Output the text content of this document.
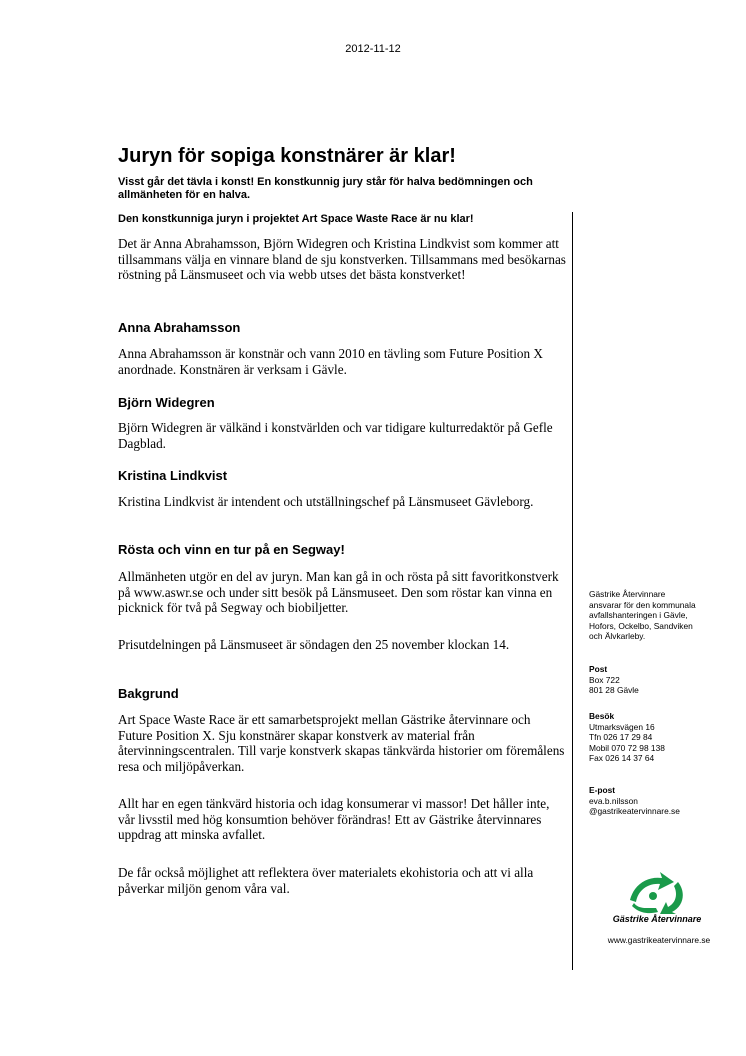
2012-11-12
Juryn för sopiga konstnärer är klar!
Visst går det tävla i konst! En konstkunnig jury står för halva bedömningen och allmänheten för en halva.
Den konstkunniga juryn i projektet Art Space Waste Race är nu klar!
Det är Anna Abrahamsson, Björn Widegren och Kristina Lindkvist som kommer att tillsammans välja en vinnare bland de sju konstverken. Tillsammans med besökarnas röstning på Länsmuseet och via webb utses det bästa konstverket!
Anna Abrahamsson
Anna Abrahamsson är konstnär och vann 2010 en tävling som Future Position X anordnade. Konstnären är verksam i Gävle.
Björn Widegren
Björn Widegren är välkänd i konstvärlden och var tidigare kulturredaktör på Gefle Dagblad.
Kristina Lindkvist
Kristina Lindkvist är intendent och utställningschef på Länsmuseet Gävleborg.
Rösta och vinn en tur på en Segway!
Allmänheten utgör en del av juryn. Man kan gå in och rösta på sitt favoritkonstverk på www.aswr.se och under sitt besök på Länsmuseet. Den som röstar kan vinna en picknick för två på Segway och biobiljetter.
Prisutdelningen på Länsmuseet är söndagen den 25 november klockan 14.
Bakgrund
Art Space Waste Race är ett samarbetsprojekt mellan Gästrike återvinnare och Future Position X. Sju konstnärer skapar konstverk av material från återvinningscentralen. Till varje konstverk skapas tänkvärda historier om föremålens resa och miljöpåverkan.
Allt har en egen tänkvärd historia och idag konsumerar vi massor! Det håller inte, vår livsstil med hög konsumtion behöver förändras! Ett av Gästrike återvinnares uppdrag att minska avfallet.
De får också möjlighet att reflektera över materialets ekohistoria och att vi alla påverkar miljön genom våra val.
Gästrike Återvinnare
ansvarar för den kommunala
avfallshanteringen i Gävle,
Hofors, Ockelbo, Sandviken
och Älvkarleby.
Post
Box 722
801 28 Gävle
Besök
Utmarksvägen 16
Tfn 026 17 29 84
Mobil 070 72 98 138
Fax 026 14 37 64
E-post
eva.b.nilsson
@gastrikeatervinnare.se
Gästrike Återvinnare
www.gastrikeatervinnare.se
